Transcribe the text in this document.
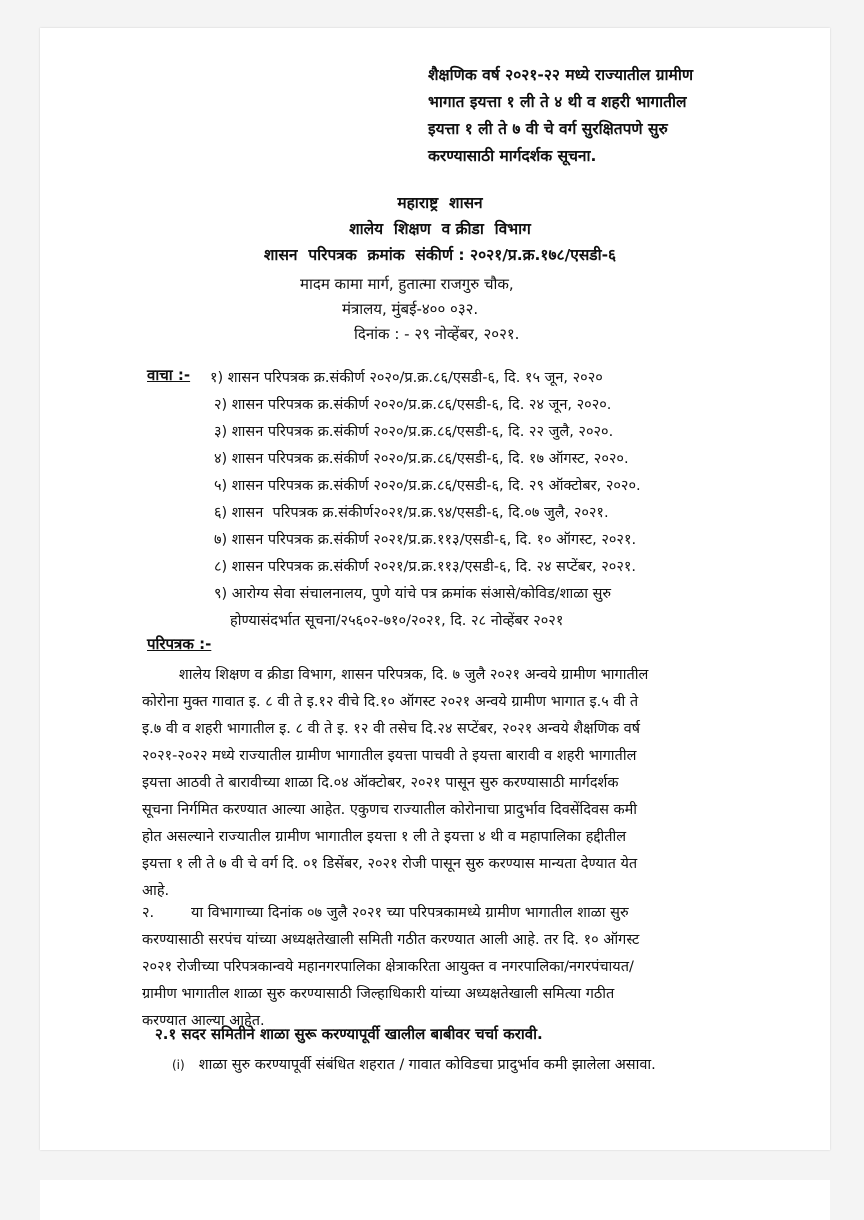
शैक्षणिक वर्ष २०२१-२२ मध्ये राज्यातील ग्रामीण
भागात इयत्ता १ ली ते ४ थी व शहरी भागातील
इयत्ता १ ली ते ७ वी चे वर्ग सुरक्षितपणे सुरु
करण्यासाठी मार्गदर्शक सूचना.
महाराष्ट्र  शासन
शालेय  शिक्षण  व क्रीडा  विभाग
शासन  परिपत्रक  क्रमांक  संकीर्ण : २०२१/प्र.क्र.१७८/एसडी-६
मादम कामा मार्ग, हुतात्मा राजगुरु चौक,
मंत्रालय, मुंबई-४०० ०३२.
दिनांक : - २९ नोव्हेंबर, २०२१.
वाचा :- १) शासन परिपत्रक क्र.संकीर्ण २०२०/प्र.क्र.८६/एसडी-६, दि. १५ जून, २०२०
२) शासन परिपत्रक क्र.संकीर्ण २०२०/प्र.क्र.८६/एसडी-६, दि. २४ जून, २०२०.
३) शासन परिपत्रक क्र.संकीर्ण २०२०/प्र.क्र.८६/एसडी-६, दि. २२ जुलै, २०२०.
४) शासन परिपत्रक क्र.संकीर्ण २०२०/प्र.क्र.८६/एसडी-६, दि. १७ ऑगस्ट, २०२०.
५) शासन परिपत्रक क्र.संकीर्ण २०२०/प्र.क्र.८६/एसडी-६, दि. २९ ऑक्टोबर, २०२०.
६) शासन  परिपत्रक क्र.संकीर्ण२०२१/प्र.क्र.९४/एसडी-६, दि.०७ जुलै, २०२१.
७) शासन परिपत्रक क्र.संकीर्ण २०२१/प्र.क्र.११३/एसडी-६, दि. १० ऑगस्ट, २०२१.
८) शासन परिपत्रक क्र.संकीर्ण २०२१/प्र.क्र.११३/एसडी-६, दि. २४ सप्टेंबर, २०२१.
९) आरोग्य सेवा संचालनालय, पुणे यांचे पत्र क्रमांक संआसे/कोविड/शाळा सुरु
होण्यासंदर्भात सूचना/२५६०२-७१०/२०२१, दि. २८ नोव्हेंबर २०२१
परिपत्रक :-
शालेय शिक्षण व क्रीडा विभाग, शासन परिपत्रक, दि. ७ जुलै २०२१ अन्वये ग्रामीण भागातील
कोरोना मुक्त गावात इ. ८ वी ते इ.१२ वीचे दि.१० ऑगस्ट २०२१ अन्वये ग्रामीण भागात इ.५ वी ते
इ.७ वी व शहरी भागातील इ. ८ वी ते इ. १२ वी तसेच दि.२४ सप्टेंबर, २०२१ अन्वये शैक्षणिक वर्ष
२०२१-२०२२ मध्ये राज्यातील ग्रामीण भागातील इयत्ता पाचवी ते इयत्ता बारावी व शहरी भागातील
इयत्ता आठवी ते बारावीच्या शाळा दि.०४ ऑक्टोबर, २०२१ पासून सुरु करण्यासाठी मार्गदर्शक
सूचना निर्गमित करण्यात आल्या आहेत. एकुणच राज्यातील कोरोनाचा प्रादुर्भाव दिवसेंदिवस कमी
होत असल्याने राज्यातील ग्रामीण भागातील इयत्ता १ ली ते इयत्ता ४ थी व महापालिका हद्दीतील
इयत्ता १ ली ते ७ वी चे वर्ग दि. ०१ डिसेंबर, २०२१ रोजी पासून सुरु करण्यास मान्यता देण्यात येत
आहे.
२.        या विभागाच्या दिनांक ०७ जुलै २०२१ च्या परिपत्रकामध्ये ग्रामीण भागातील शाळा सुरु
करण्यासाठी सरपंच यांच्या अध्यक्षतेखाली समिती गठीत करण्यात आली आहे. तर दि. १० ऑगस्ट
२०२१ रोजीच्या परिपत्रकान्वये महानगरपालिका क्षेत्राकरिता आयुक्त व नगरपालिका/नगरपंचायत/
ग्रामीण भागातील शाळा सुरु करण्यासाठी जिल्हाधिकारी यांच्या अध्यक्षतेखाली समित्या गठीत
करण्यात आल्या आहेत.
२.१ सदर समितीने शाळा सुरू करण्यापूर्वी खालील बाबीवर चर्चा करावी.
(i) शाळा सुरु करण्यापूर्वी संबंधित शहरात / गावात कोविडचा प्रादुर्भाव कमी झालेला असावा.
